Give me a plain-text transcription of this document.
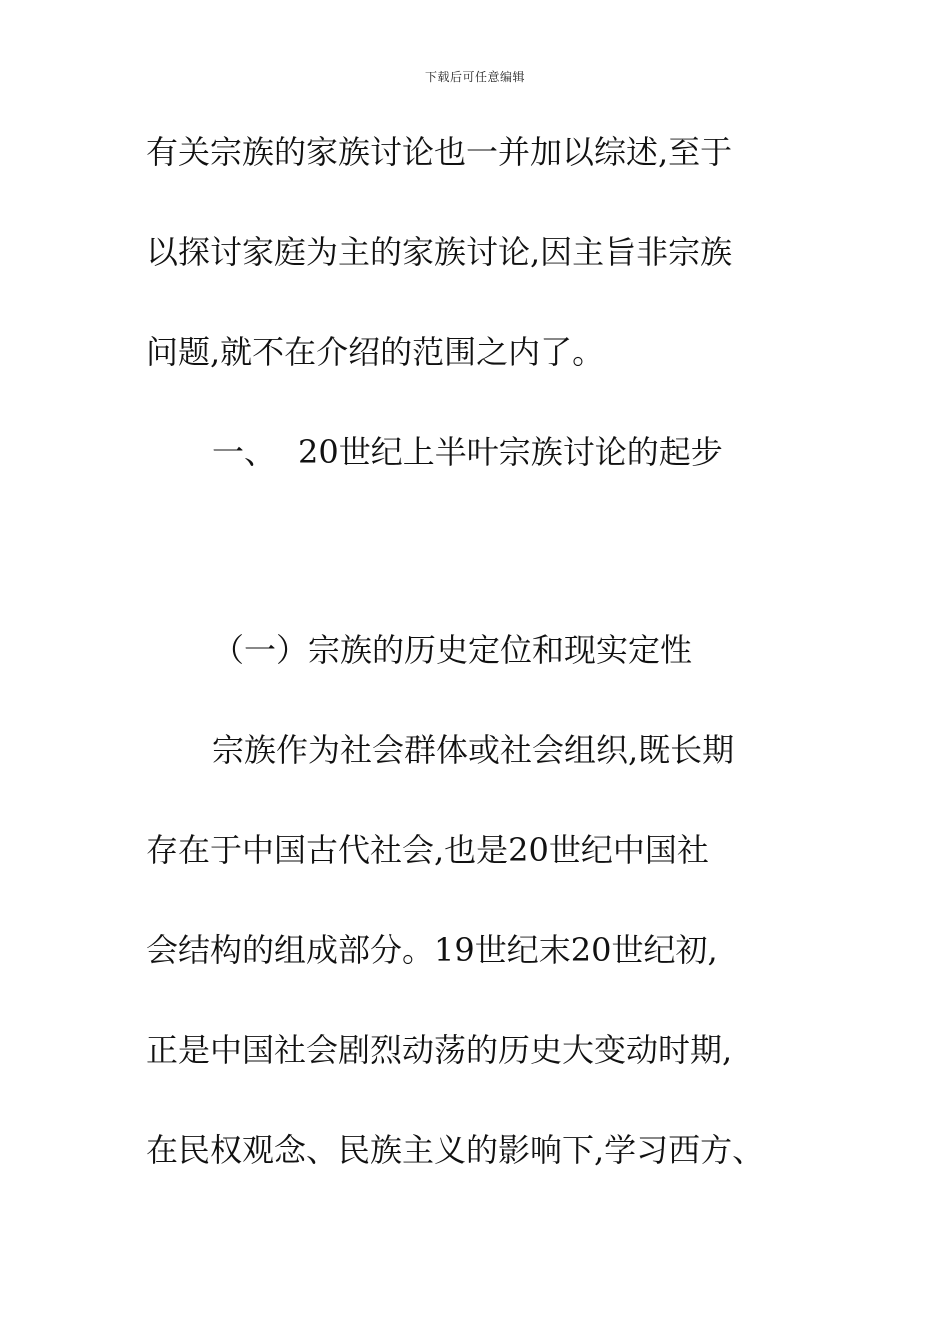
下载后可任意编辑
有关宗族的家族讨论也一并加以综述,至于
以探讨家庭为主的家族讨论,因主旨非宗族
问题,就不在介绍的范围之内了。
一、 20世纪上半叶宗族讨论的起步
（一）宗族的历史定位和现实定性
宗族作为社会群体或社会组织,既长期
存在于中国古代社会,也是20世纪中国社
会结构的组成部分。19世纪末20世纪初,
正是中国社会剧烈动荡的历史大变动时期,
在民权观念、民族主义的影响下,学习西方、
